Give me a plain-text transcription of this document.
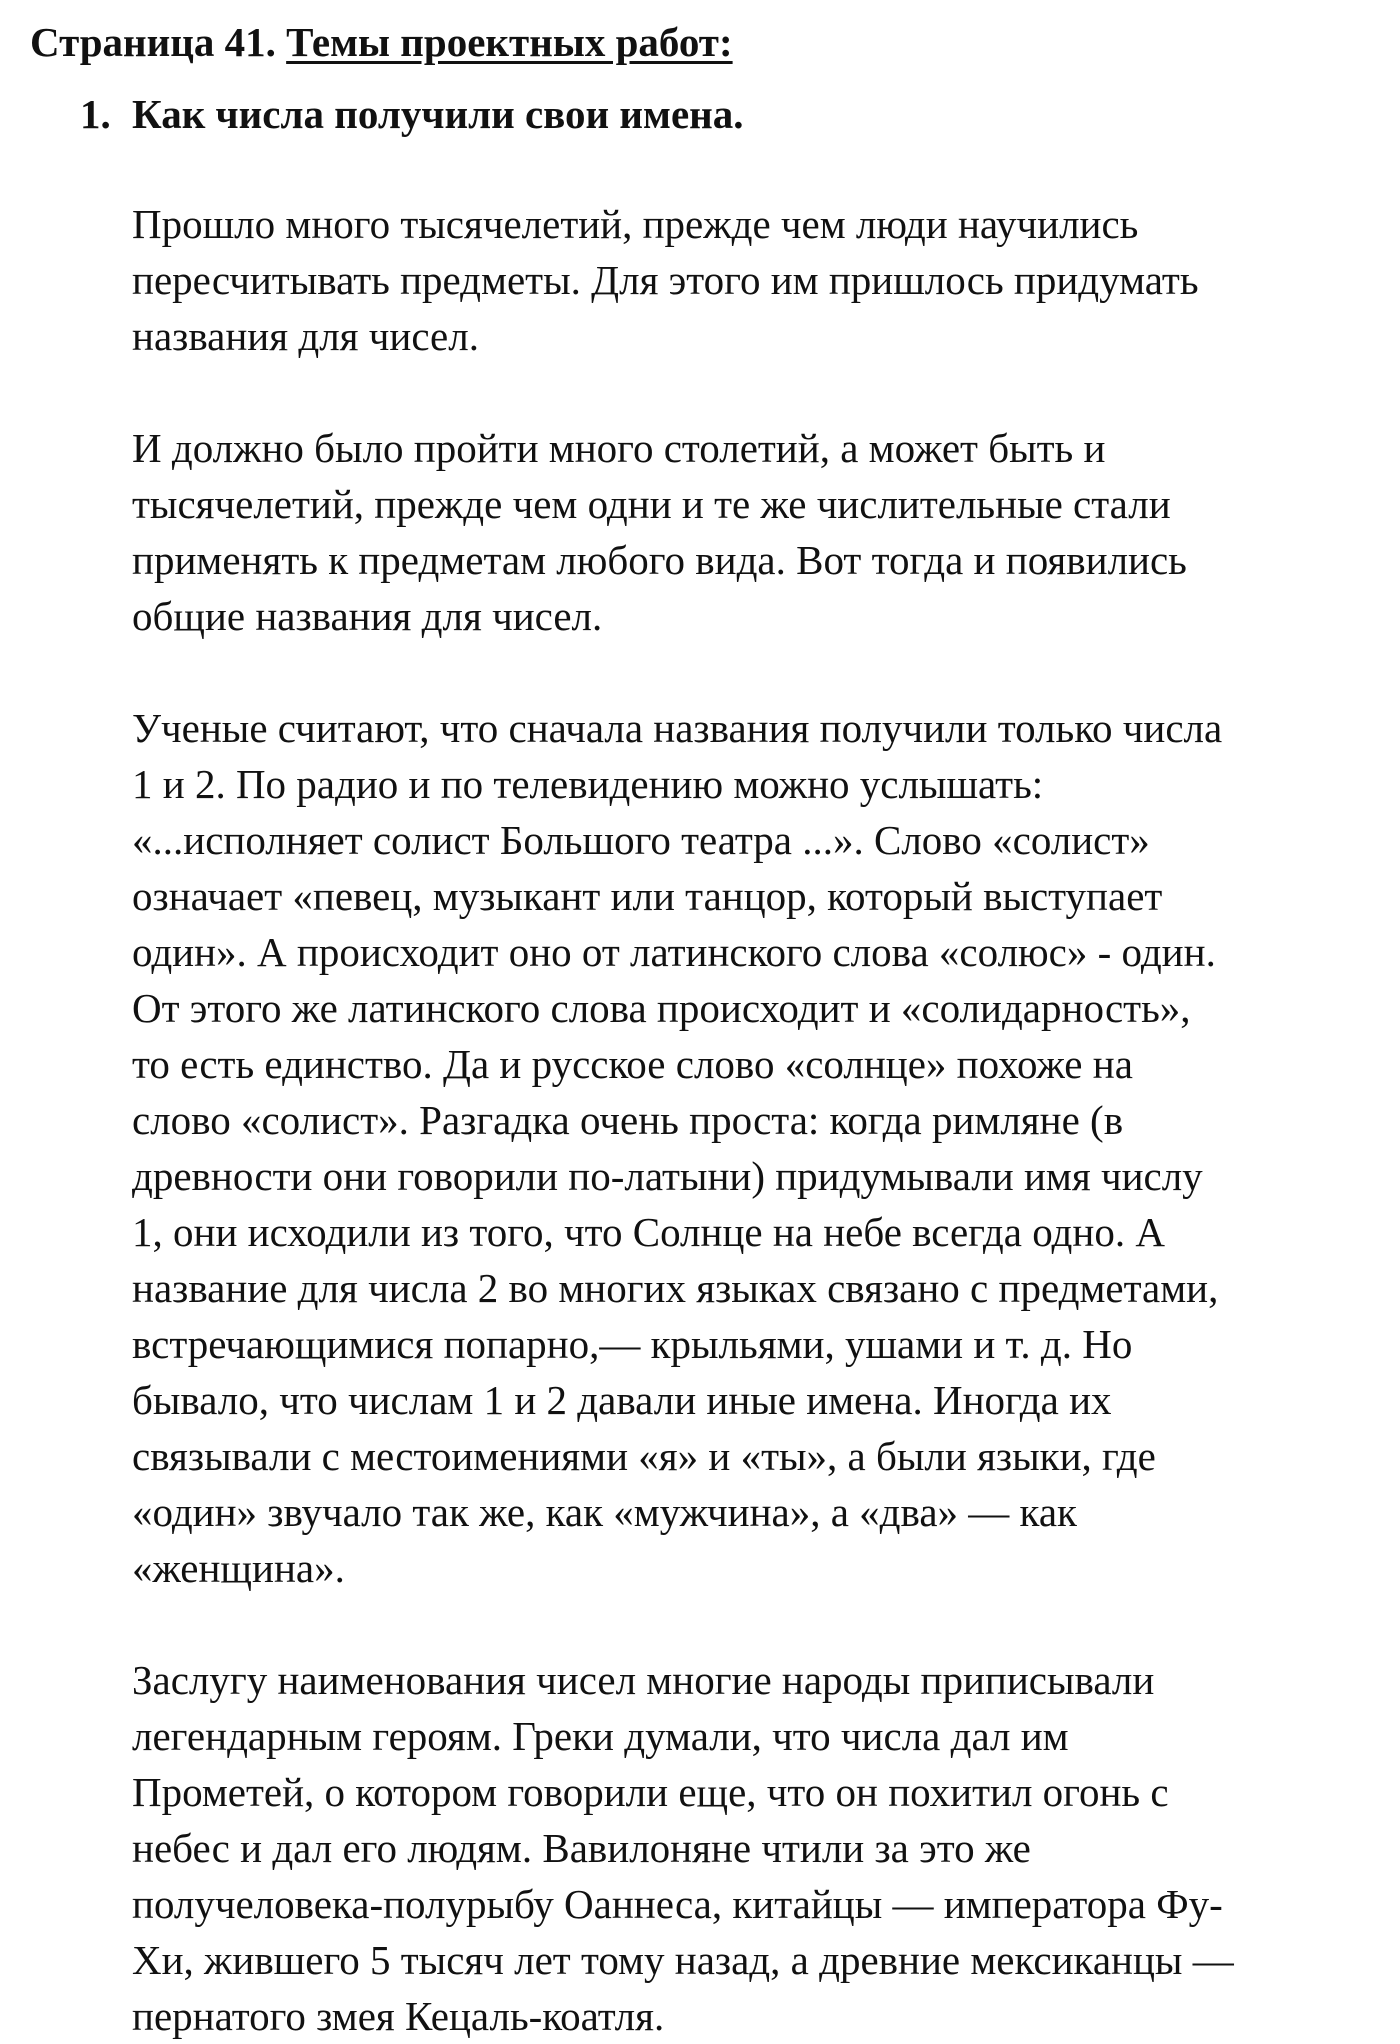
Страница 41. Темы проектных работ:
1. Как числа получили свои имена.
Прошло много тысячелетий, прежде чем люди научились
пересчитывать предметы. Для этого им пришлось придумать
названия для чисел.
И должно было пройти много столетий, а может быть и
тысячелетий, прежде чем одни и те же числительные стали
применять к предметам любого вида. Вот тогда и появились
общие названия для чисел.
Ученые считают, что сначала названия получили только числа
1 и 2. По радио и по телевидению можно услышать:
«...исполняет солист Большого театра ...». Слово «солист»
означает «певец, музыкант или танцор, который выступает
один». А происходит оно от латинского слова «солюс» - один.
От этого же латинского слова происходит и «солидарность»,
то есть единство. Да и русское слово «солнце» похоже на
слово «солист». Разгадка очень проста: когда римляне (в
древности они говорили по-латыни) придумывали имя числу
1, они исходили из того, что Солнце на небе всегда одно. А
название для числа 2 во многих языках связано с предметами,
встречающимися попарно,— крыльями, ушами и т. д. Но
бывало, что числам 1 и 2 давали иные имена. Иногда их
связывали с местоимениями «я» и «ты», а были языки, где
«один» звучало так же, как «мужчина», а «два» — как
«женщина».
Заслугу наименования чисел многие народы приписывали
легендарным героям. Греки думали, что числа дал им
Прометей, о котором говорили еще, что он похитил огонь с
небес и дал его людям. Вавилоняне чтили за это же
получеловека-полурыбу Оаннеса, китайцы — императора Фу-
Хи, жившего 5 тысяч лет тому назад, а древние мексиканцы —
пернатого змея Кецаль-коатля.
